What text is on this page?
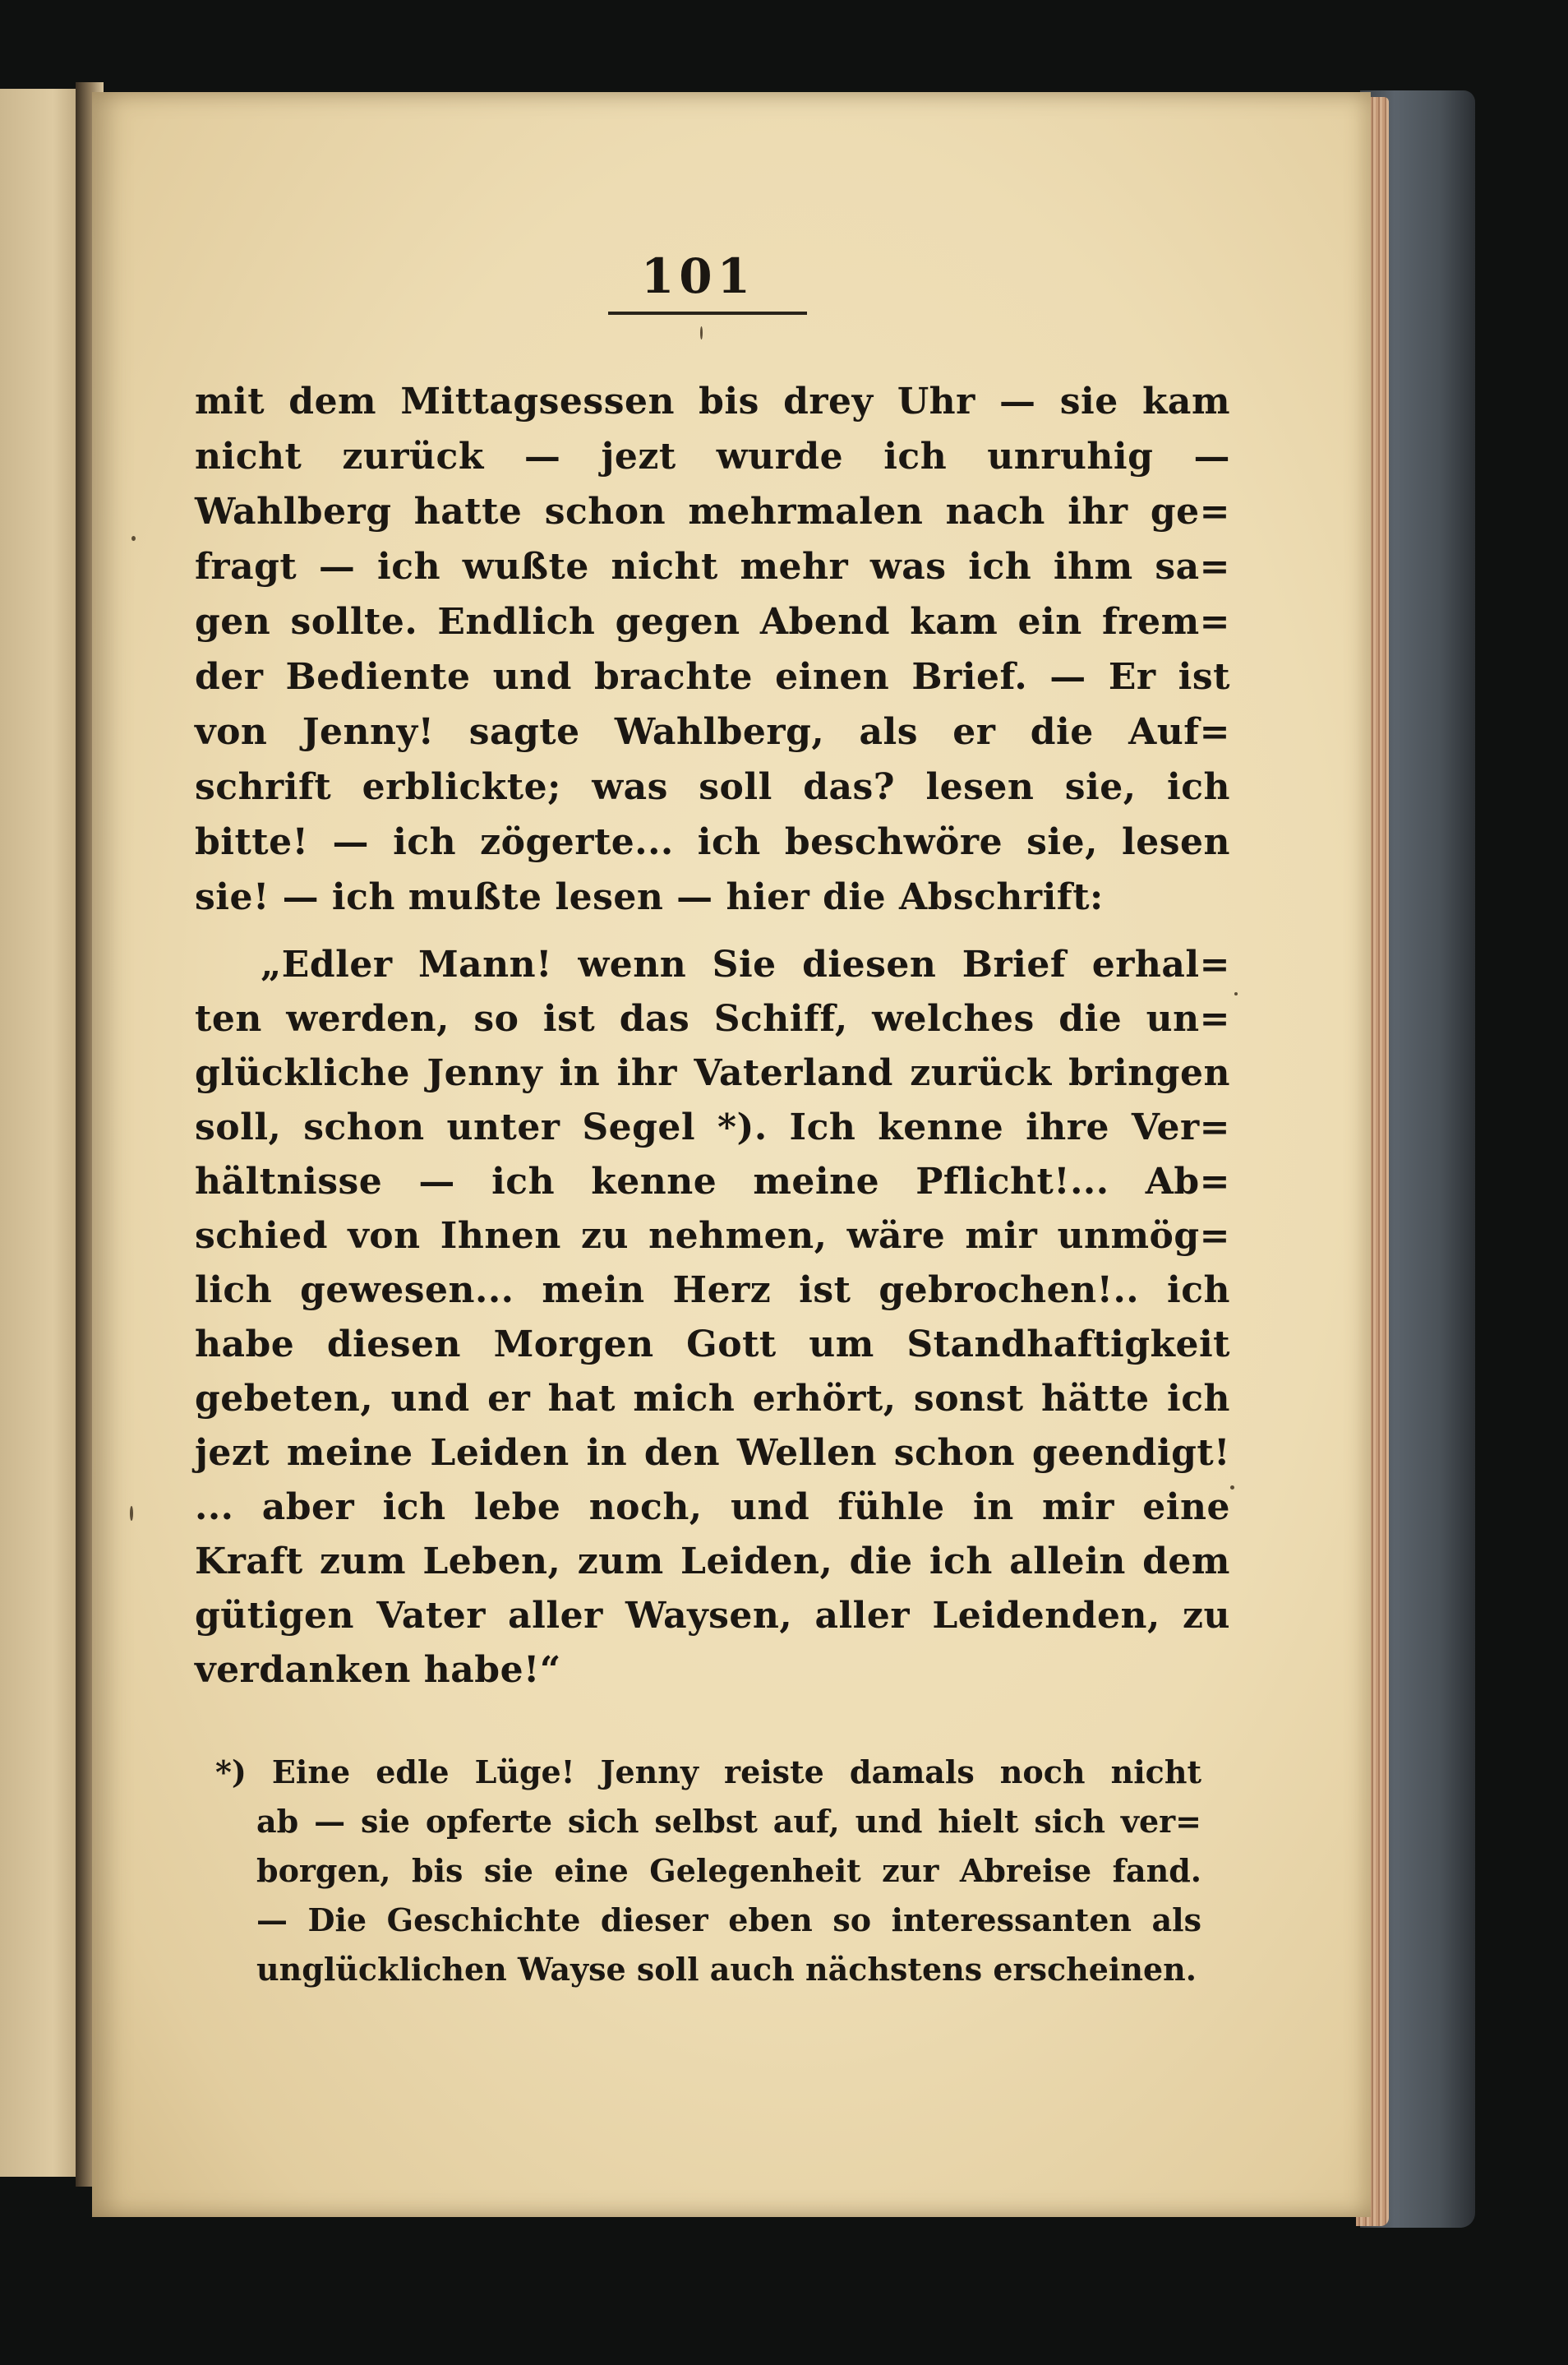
101
mit dem Mittagsessen bis drey Uhr — sie kam
nicht zurück — jezt wurde ich unruhig —
Wahlberg hatte schon mehrmalen nach ihr ge=
fragt — ich wußte nicht mehr was ich ihm sa=
gen sollte. Endlich gegen Abend kam ein frem=
der Bediente und brachte einen Brief. — Er ist
von Jenny! sagte Wahlberg, als er die Auf=
schrift erblickte; was soll das? lesen sie, ich
bitte! — ich zögerte... ich beschwöre sie, lesen
sie! — ich mußte lesen — hier die Abschrift:
„Edler Mann! wenn Sie diesen Brief erhal=
ten werden, so ist das Schiff, welches die un=
glückliche Jenny in ihr Vaterland zurück bringen
soll, schon unter Segel *). Ich kenne ihre Ver=
hältnisse — ich kenne meine Pflicht!... Ab=
schied von Ihnen zu nehmen, wäre mir unmög=
lich gewesen... mein Herz ist gebrochen!.. ich
habe diesen Morgen Gott um Standhaftigkeit
gebeten, und er hat mich erhört, sonst hätte ich
jezt meine Leiden in den Wellen schon geendigt!
... aber ich lebe noch, und fühle in mir eine
Kraft zum Leben, zum Leiden, die ich allein dem
gütigen Vater aller Waysen, aller Leidenden, zu
verdanken habe!“
*) Eine edle Lüge! Jenny reiste damals noch nicht
ab — sie opferte sich selbst auf, und hielt sich ver=
borgen, bis sie eine Gelegenheit zur Abreise fand.
— Die Geschichte dieser eben so interessanten als
unglücklichen Wayse soll auch nächstens erscheinen.
